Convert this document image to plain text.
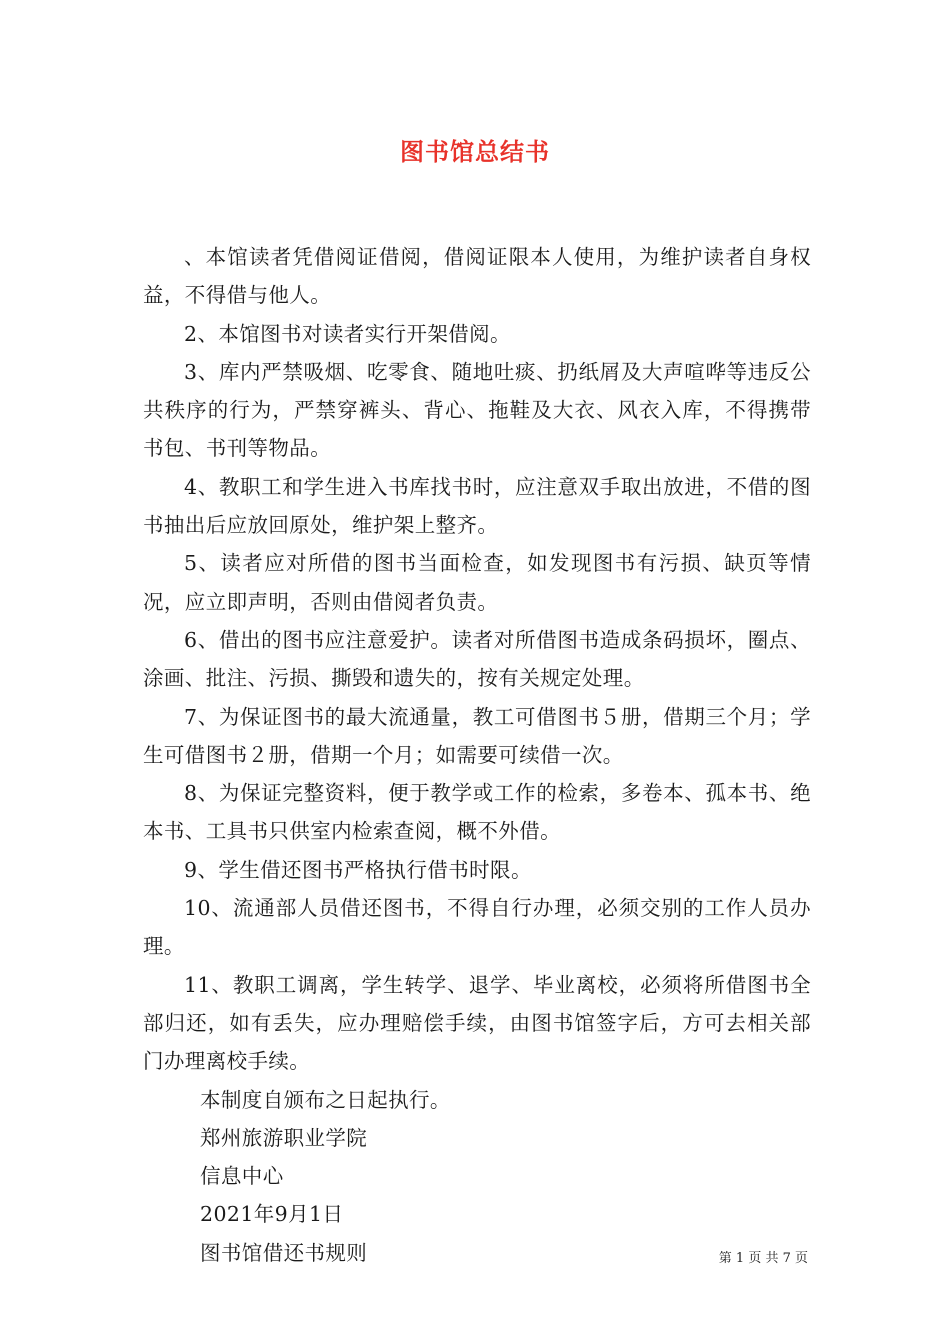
图书馆总结书

、本馆读者凭借阅证借阅，借阅证限本人使用，为维护读者自身权益，不得借与他人。

2、本馆图书对读者实行开架借阅。

3、库内严禁吸烟、吃零食、随地吐痰、扔纸屑及大声喧哗等违反公共秩序的行为，严禁穿裤头、背心、拖鞋及大衣、风衣入库，不得携带书包、书刊等物品。

4、教职工和学生进入书库找书时，应注意双手取出放进，不借的图书抽出后应放回原处，维护架上整齐。

5、读者应对所借的图书当面检查，如发现图书有污损、缺页等情况，应立即声明，否则由借阅者负责。

6、借出的图书应注意爱护。读者对所借图书造成条码损坏，圈点、涂画、批注、污损、撕毁和遗失的，按有关规定处理。

7、为保证图书的最大流通量，教工可借图书５册，借期三个月；学生可借图书２册，借期一个月；如需要可续借一次。

8、为保证完整资料，便于教学或工作的检索，多卷本、孤本书、绝本书、工具书只供室内检索查阅，概不外借。

9、学生借还图书严格执行借书时限。

10、流通部人员借还图书，不得自行办理，必须交别的工作人员办理。

11、教职工调离，学生转学、退学、毕业离校，必须将所借图书全部归还，如有丢失，应办理赔偿手续，由图书馆签字后，方可去相关部门办理离校手续。

本制度自颁布之日起执行。

郑州旅游职业学院

信息中心

2021年9月1日

图书馆借还书规则	第 1 页 共 7 页
